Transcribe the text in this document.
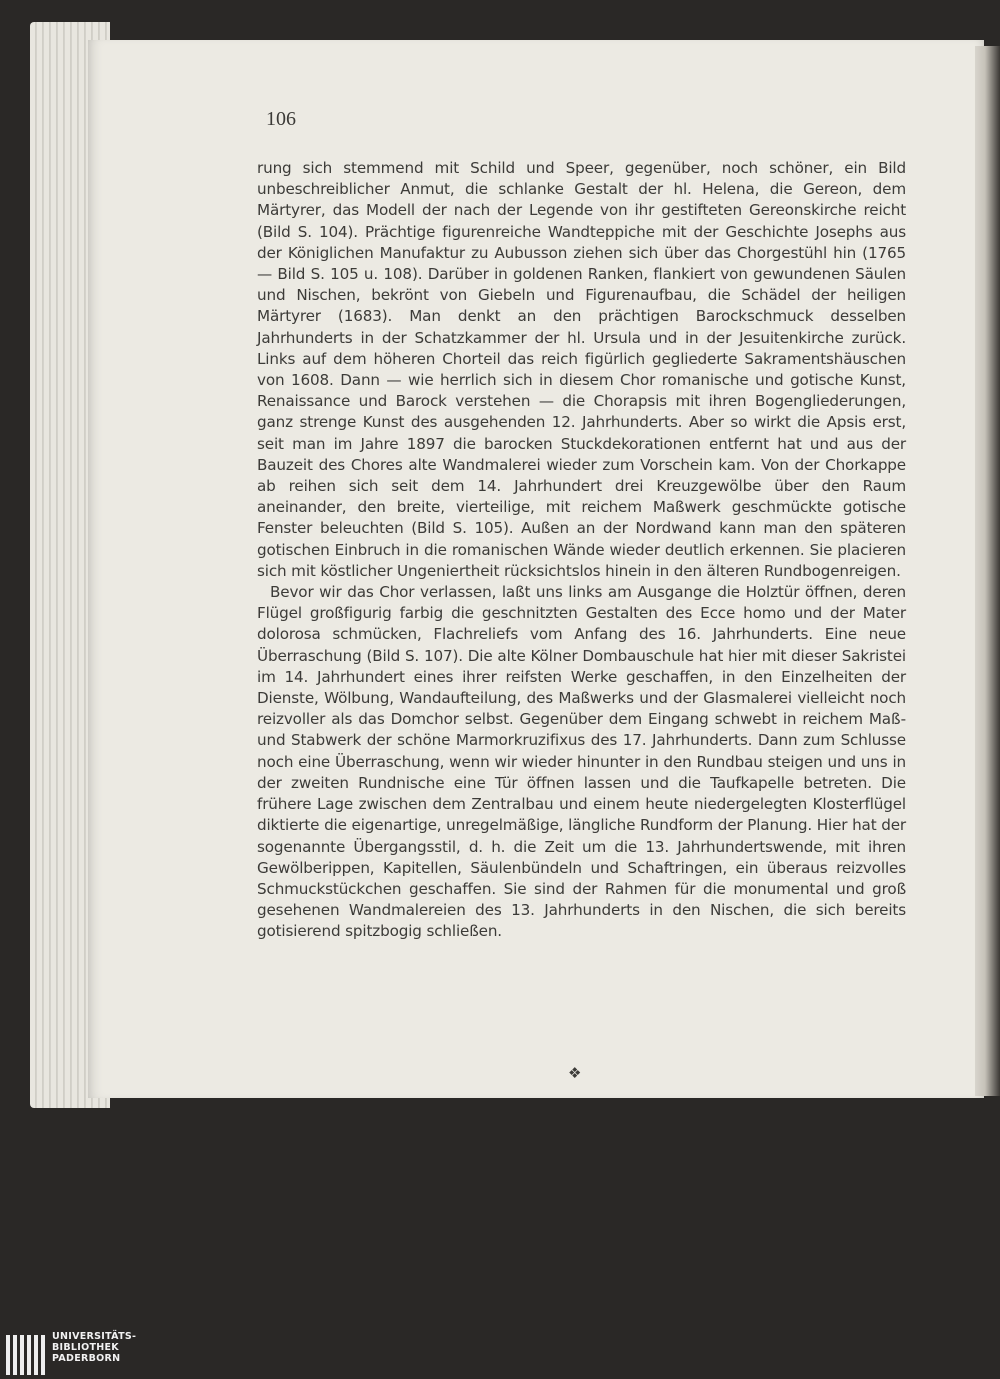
106

rung sich stemmend mit Schild und Speer, gegenüber, noch schöner, ein Bild unbeschreiblicher Anmut, die schlanke Gestalt der hl. Helena, die Gereon, dem Märtyrer, das Modell der nach der Legende von ihr gestifteten Gereonskirche reicht (Bild S. 104). Prächtige figurenreiche Wandteppiche mit der Geschichte Josephs aus der Königlichen Manufaktur zu Aubusson ziehen sich über das Chorgestühl hin (1765 — Bild S. 105 u. 108). Darüber in goldenen Ranken, flankiert von gewundenen Säulen und Nischen, bekrönt von Giebeln und Figurenaufbau, die Schädel der heiligen Märtyrer (1683). Man denkt an den prächtigen Barockschmuck desselben Jahrhunderts in der Schatzkammer der hl. Ursula und in der Jesuitenkirche zurück. Links auf dem höheren Chorteil das reich figürlich gegliederte Sakramentshäuschen von 1608. Dann — wie herrlich sich in diesem Chor romanische und gotische Kunst, Renaissance und Barock verstehen — die Chorapsis mit ihren Bogengliederungen, ganz strenge Kunst des ausgehenden 12. Jahrhunderts. Aber so wirkt die Apsis erst, seit man im Jahre 1897 die barocken Stuckdekorationen entfernt hat und aus der Bauzeit des Chores alte Wandmalerei wieder zum Vorschein kam. Von der Chorkappe ab reihen sich seit dem 14. Jahrhundert drei Kreuzgewölbe über den Raum aneinander, den breite, vierteilige, mit reichem Maßwerk geschmückte gotische Fenster beleuchten (Bild S. 105). Außen an der Nordwand kann man den späteren gotischen Einbruch in die romanischen Wände wieder deutlich erkennen. Sie placieren sich mit köstlicher Ungeniertheit rücksichtslos hinein in den älteren Rundbogenreigen.

Bevor wir das Chor verlassen, laßt uns links am Ausgange die Holztür öffnen, deren Flügel großfigurig farbig die geschnitzten Gestalten des Ecce homo und der Mater dolorosa schmücken, Flachreliefs vom Anfang des 16. Jahrhunderts. Eine neue Überraschung (Bild S. 107). Die alte Kölner Dombauschule hat hier mit dieser Sakristei im 14. Jahrhundert eines ihrer reifsten Werke geschaffen, in den Einzelheiten der Dienste, Wölbung, Wandaufteilung, des Maßwerks und der Glasmalerei vielleicht noch reizvoller als das Domchor selbst. Gegenüber dem Eingang schwebt in reichem Maß- und Stabwerk der schöne Marmorkruzifixus des 17. Jahrhunderts. Dann zum Schlusse noch eine Überraschung, wenn wir wieder hinunter in den Rundbau steigen und uns in der zweiten Rundnische eine Tür öffnen lassen und die Taufkapelle betreten. Die frühere Lage zwischen dem Zentralbau und einem heute niedergelegten Klosterflügel diktierte die eigenartige, unregelmäßige, längliche Rundform der Planung. Hier hat der sogenannte Übergangsstil, d. h. die Zeit um die 13. Jahrhundertswende, mit ihren Gewölberippen, Kapitellen, Säulenbündeln und Schaftringen, ein überaus reizvolles Schmuckstückchen geschaffen. Sie sind der Rahmen für die monumental und groß gesehenen Wandmalereien des 13. Jahrhunderts in den Nischen, die sich bereits gotisierend spitzbogig schließen.

❖
UNIVERSITÄTS-
BIBLIOTHEK
PADERBORN
